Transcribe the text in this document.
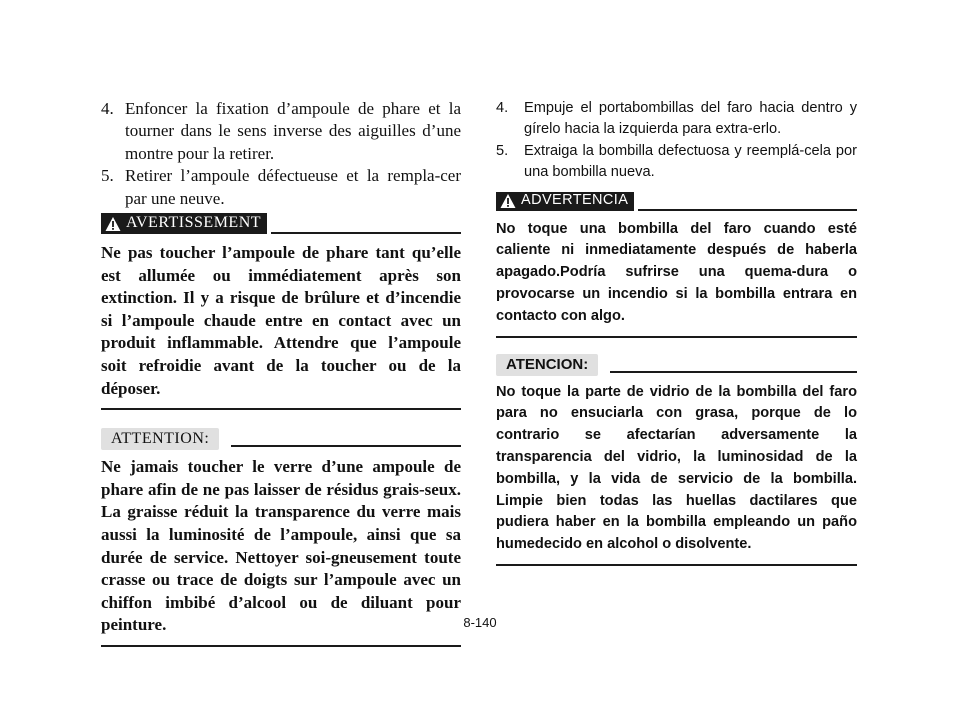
4. Enfoncer la fixation d’ampoule de phare et la tourner dans le sens inverse des aiguilles d’une montre pour la retirer.
5. Retirer l’ampoule défectueuse et la rempla-cer par une neuve.
AVERTISSEMENT

Ne pas toucher l’ampoule de phare tant qu’elle est allumée ou immédiatement après son extinction. Il y a risque de brûlure et d’incendie si l’ampoule chaude entre en contact avec un produit inflammable. Attendre que l’ampoule soit refroidie avant de la toucher ou de la déposer.

ATTENTION:

Ne jamais toucher le verre d’une ampoule de phare afin de ne pas laisser de résidus grais-seux. La graisse réduit la transparence du verre mais aussi la luminosité de l’ampoule, ainsi que sa durée de service. Nettoyer soi-gneusement toute crasse ou trace de doigts sur l’ampoule avec un chiffon imbibé d’alcool ou de diluant pour peinture.

4.	Empuje el portabombillas del faro hacia dentro y gírelo hacia la izquierda para extra-erlo.
5.	Extraiga la bombilla defectuosa y reemplá-cela por una bombilla nueva.
ADVERTENCIA

No toque una bombilla del faro cuando esté caliente ni inmediatamente después de haberla apagado.Podría sufrirse una quema-dura o provocarse un incendio si la bombilla entrara en contacto con algo.

ATENCION:

No toque la parte de vidrio de la bombilla del faro para no ensuciarla con grasa, porque de lo contrario se afectarían adversamente la transparencia del vidrio, la luminosidad de la bombilla, y la vida de servicio de la bombilla. Limpie bien todas las huellas dactilares que pudiera haber en la bombilla empleando un paño humedecido en alcohol o disolvente.

8-140
